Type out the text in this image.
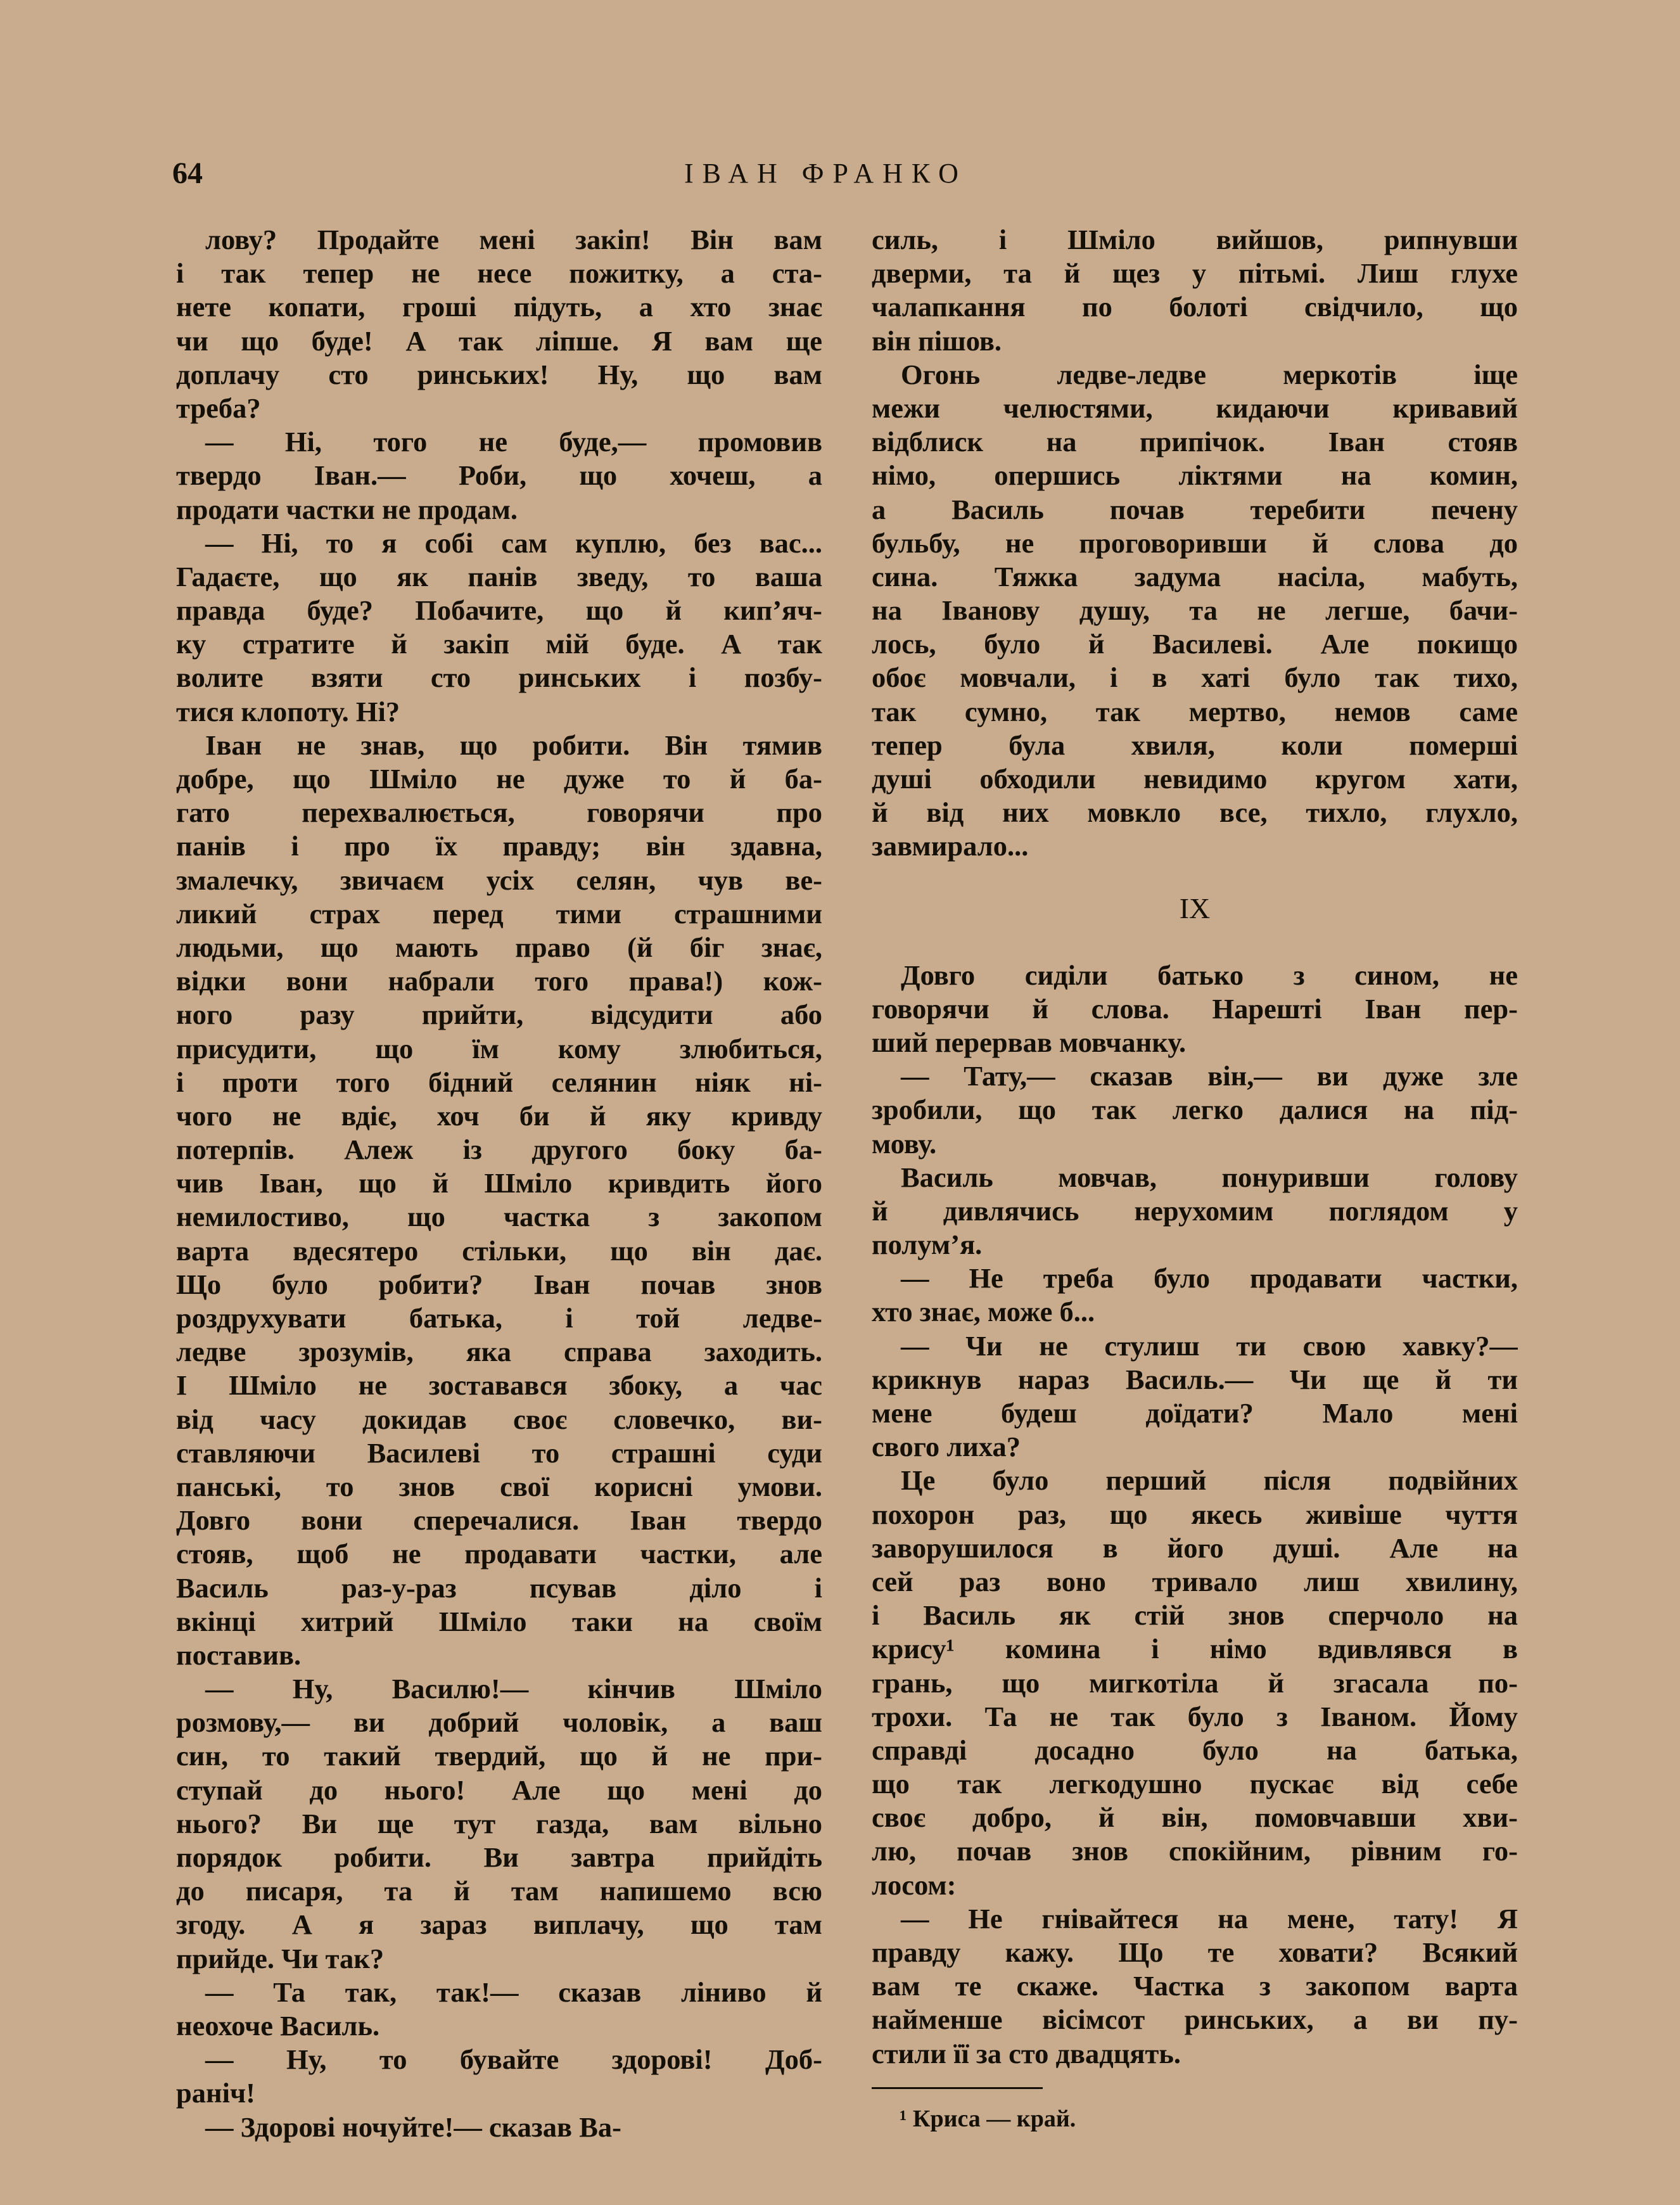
64	ІВАН ФРАНКО
лову? Продайте мені закіп! Він вам
і так тепер не несе пожитку, а ста-
нете копати, гроші підуть, а хто знає
чи що буде! А так ліпше. Я вам ще
доплачу сто ринських! Ну, що вам
треба?
— Ні, того не буде,— промовив
твердо Іван.— Роби, що хочеш, а
продати частки не продам.
— Ні, то я собі сам куплю, без вас...
Гадаєте, що як панів зведу, то ваша
правда буде? Побачите, що й кип’яч-
ку стратите й закіп мій буде. А так
волите взяти сто ринських і позбу-
тися клопоту. Ні?
Іван не знав, що робити. Він тямив
добре, що Шміло не дуже то й ба-
гато перехвалюється, говорячи про
панів і про їх правду; він здавна,
змалечку, звичаєм усіх селян, чув ве-
ликий страх перед тими страшними
людьми, що мають право (й біг знає,
відки вони набрали того права!) кож-
ного разу прийти, відсудити або
присудити, що їм кому злюбиться,
і проти того бідний селянин ніяк ні-
чого не вдіє, хоч би й яку кривду
потерпів. Алеж із другого боку ба-
чив Іван, що й Шміло кривдить його
немилостиво, що частка з закопом
варта вдесятеро стільки, що він дає.
Що було робити? Іван почав знов
роздрухувати батька, і той ледве-
ледве зрозумів, яка справа заходить.
І Шміло не зоставався збоку, а час
від часу докидав своє словечко, ви-
ставляючи Василеві то страшні суди
панські, то знов свої корисні умови.
Довго вони сперечалися. Іван твердо
стояв, щоб не продавати частки, але
Василь раз-у-раз псував діло і
вкінці хитрий Шміло таки на своїм
поставив.
— Ну, Василю!— кінчив Шміло
розмову,— ви добрий чоловік, а ваш
син, то такий твердий, що й не при-
ступай до нього! Але що мені до
нього? Ви ще тут газда, вам вільно
порядок робити. Ви завтра прийдіть
до писаря, та й там напишемо всю
згоду. А я зараз виплачу, що там
прийде. Чи так?
— Та так, так!— сказав ліниво й
неохоче Василь.
— Ну, то бувайте здорові! Доб-
раніч!
— Здорові ночуйте!— сказав Ва-
силь, і Шміло вийшов, рипнувши
дверми, та й щез у пітьмі. Лиш глухе
чалапкання по болоті свідчило, що
він пішов.
Огонь ледве-ледве меркотів іще
межи челюстями, кидаючи кривавий
відблиск на припічок. Іван стояв
німо, опершись ліктями на комин,
а Василь почав теребити печену
бульбу, не проговоривши й слова до
сина. Тяжка задума насіла, мабуть,
на Іванову душу, та не легше, бачи-
лось, було й Василеві. Але покищо
обоє мовчали, і в хаті було так тихо,
так сумно, так мертво, немов саме
тепер була хвиля, коли померші
душі обходили невидимо кругом хати,
й від них мовкло все, тихло, глухло,
завмирало...
IX
Довго сиділи батько з сином, не
говорячи й слова. Нарешті Іван пер-
ший перервав мовчанку.
— Тату,— сказав він,— ви дуже зле
зробили, що так легко далися на під-
мову.
Василь мовчав, понуривши голову
й дивлячись нерухомим поглядом у
полум’я.
— Не треба було продавати частки,
хто знає, може б...
— Чи не стулиш ти свою хавку?—
крикнув нараз Василь.— Чи ще й ти
мене будеш доїдати? Мало мені
свого лиха?
Це було перший після подвійних
похорон раз, що якесь живіше чуття
заворушилося в його душі. Але на
сей раз воно тривало лиш хвилину,
і Василь як стій знов сперчоло на
крису¹ комина і німо вдивлявся в
грань, що мигкотіла й згасала по-
трохи. Та не так було з Іваном. Йому
справді досадно було на батька,
що так легкодушно пускає від себе
своє добро, й він, помовчавши хви-
лю, почав знов спокійним, рівним го-
лосом:
— Не гнівайтеся на мене, тату! Я
правду кажу. Що те ховати? Всякий
вам те скаже. Частка з закопом варта
найменше вісімсот ринських, а ви пу-
стили її за сто двадцять.
¹ Криса — край.
